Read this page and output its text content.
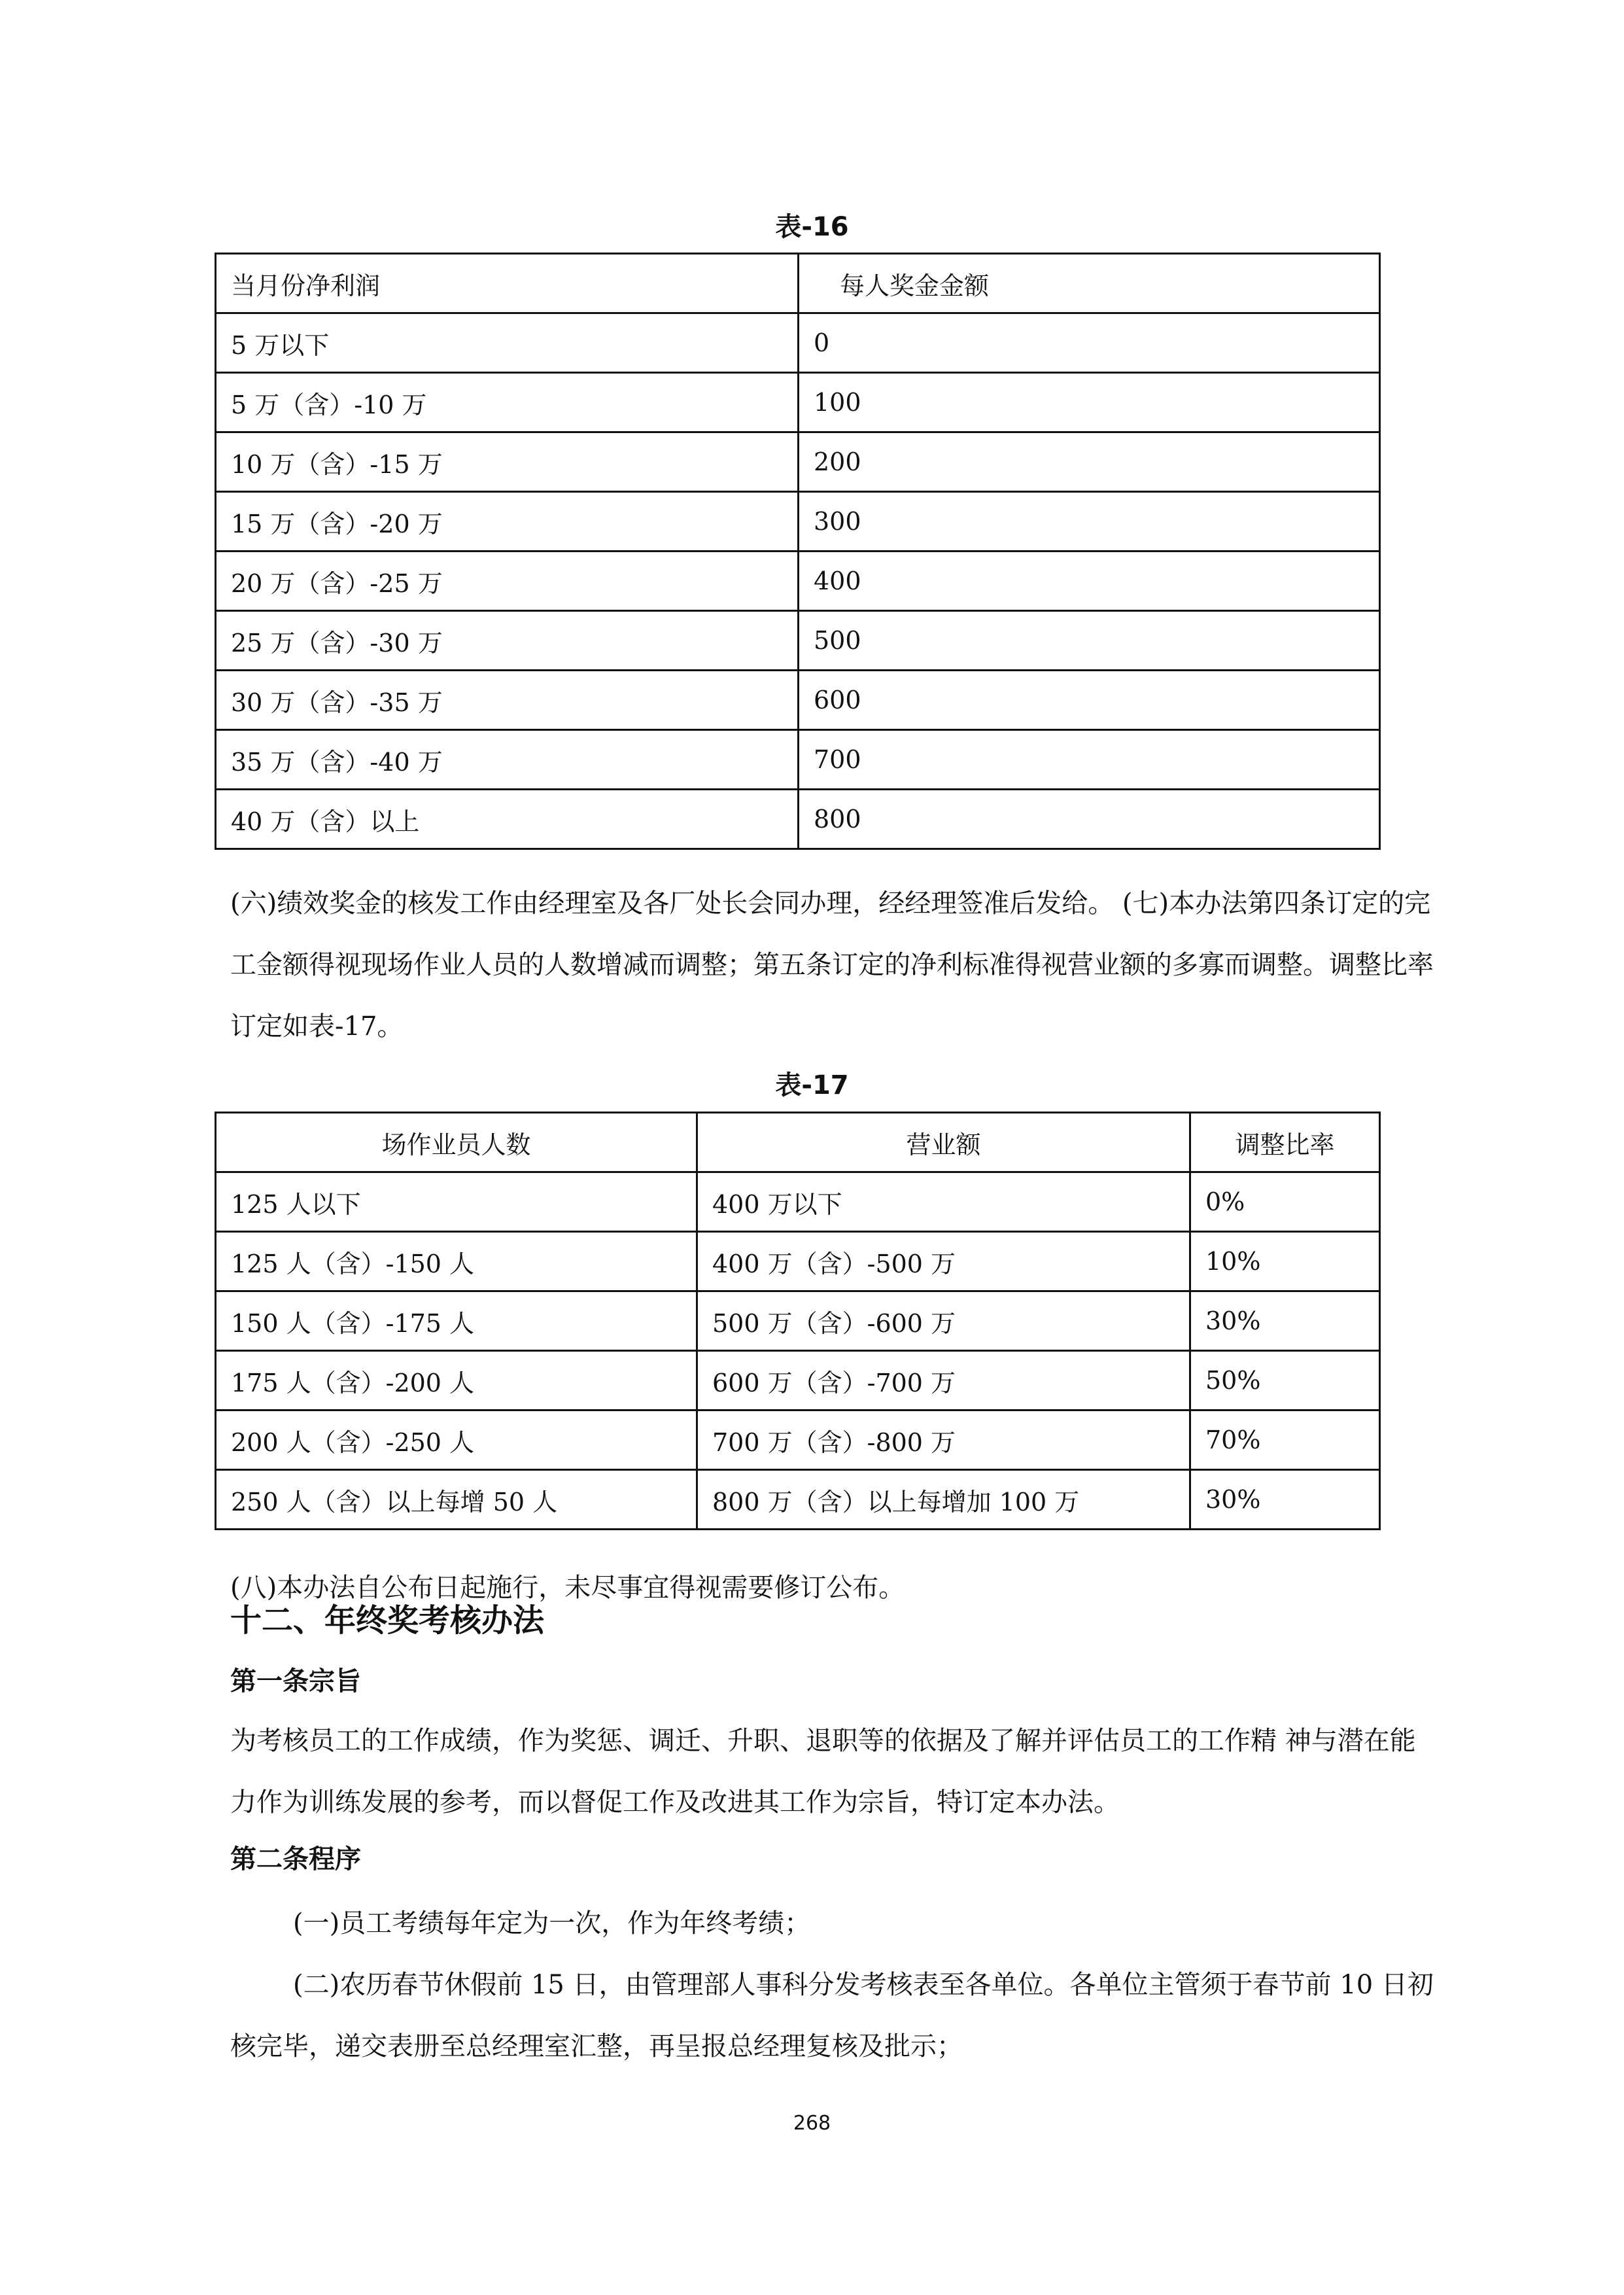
表-16
当月份净利润	每人奖金金额
5 万以下	0
5 万（含）-10 万	100
10 万（含）-15 万	200
15 万（含）-20 万	300
20 万（含）-25 万	400
25 万（含）-30 万	500
30 万（含）-35 万	600
35 万（含）-40 万	700
40 万（含）以上	800
(六)绩效奖金的核发工作由经理室及各厂处长会同办理，经经理签准后发给。 (七)本办法第四条订定的完工金额得视现场作业人员的人数增减而调整；第五条订定的净利标准得视营业额的多寡而调整。调整比率订定如表-17。
表-17
场作业员人数	营业额	调整比率
125 人以下	400 万以下	0%
125 人（含）-150 人	400 万（含）-500 万	10%
150 人（含）-175 人	500 万（含）-600 万	30%
175 人（含）-200 人	600 万（含）-700 万	50%
200 人（含）-250 人	700 万（含）-800 万	70%
250 人（含）以上每增 50 人	800 万（含）以上每增加 100 万	30%
(八)本办法自公布日起施行，未尽事宜得视需要修订公布。
十二、年终奖考核办法
第一条宗旨
为考核员工的工作成绩，作为奖惩、调迁、升职、退职等的依据及了解并评估员工的工作精 神与潜在能力作为训练发展的参考，而以督促工作及改进其工作为宗旨，特订定本办法。
第二条程序
(一)员工考绩每年定为一次，作为年终考绩；
(二)农历春节休假前 15 日，由管理部人事科分发考核表至各单位。各单位主管须于春节前 10 日初核完毕，递交表册至总经理室汇整，再呈报总经理复核及批示；
268
